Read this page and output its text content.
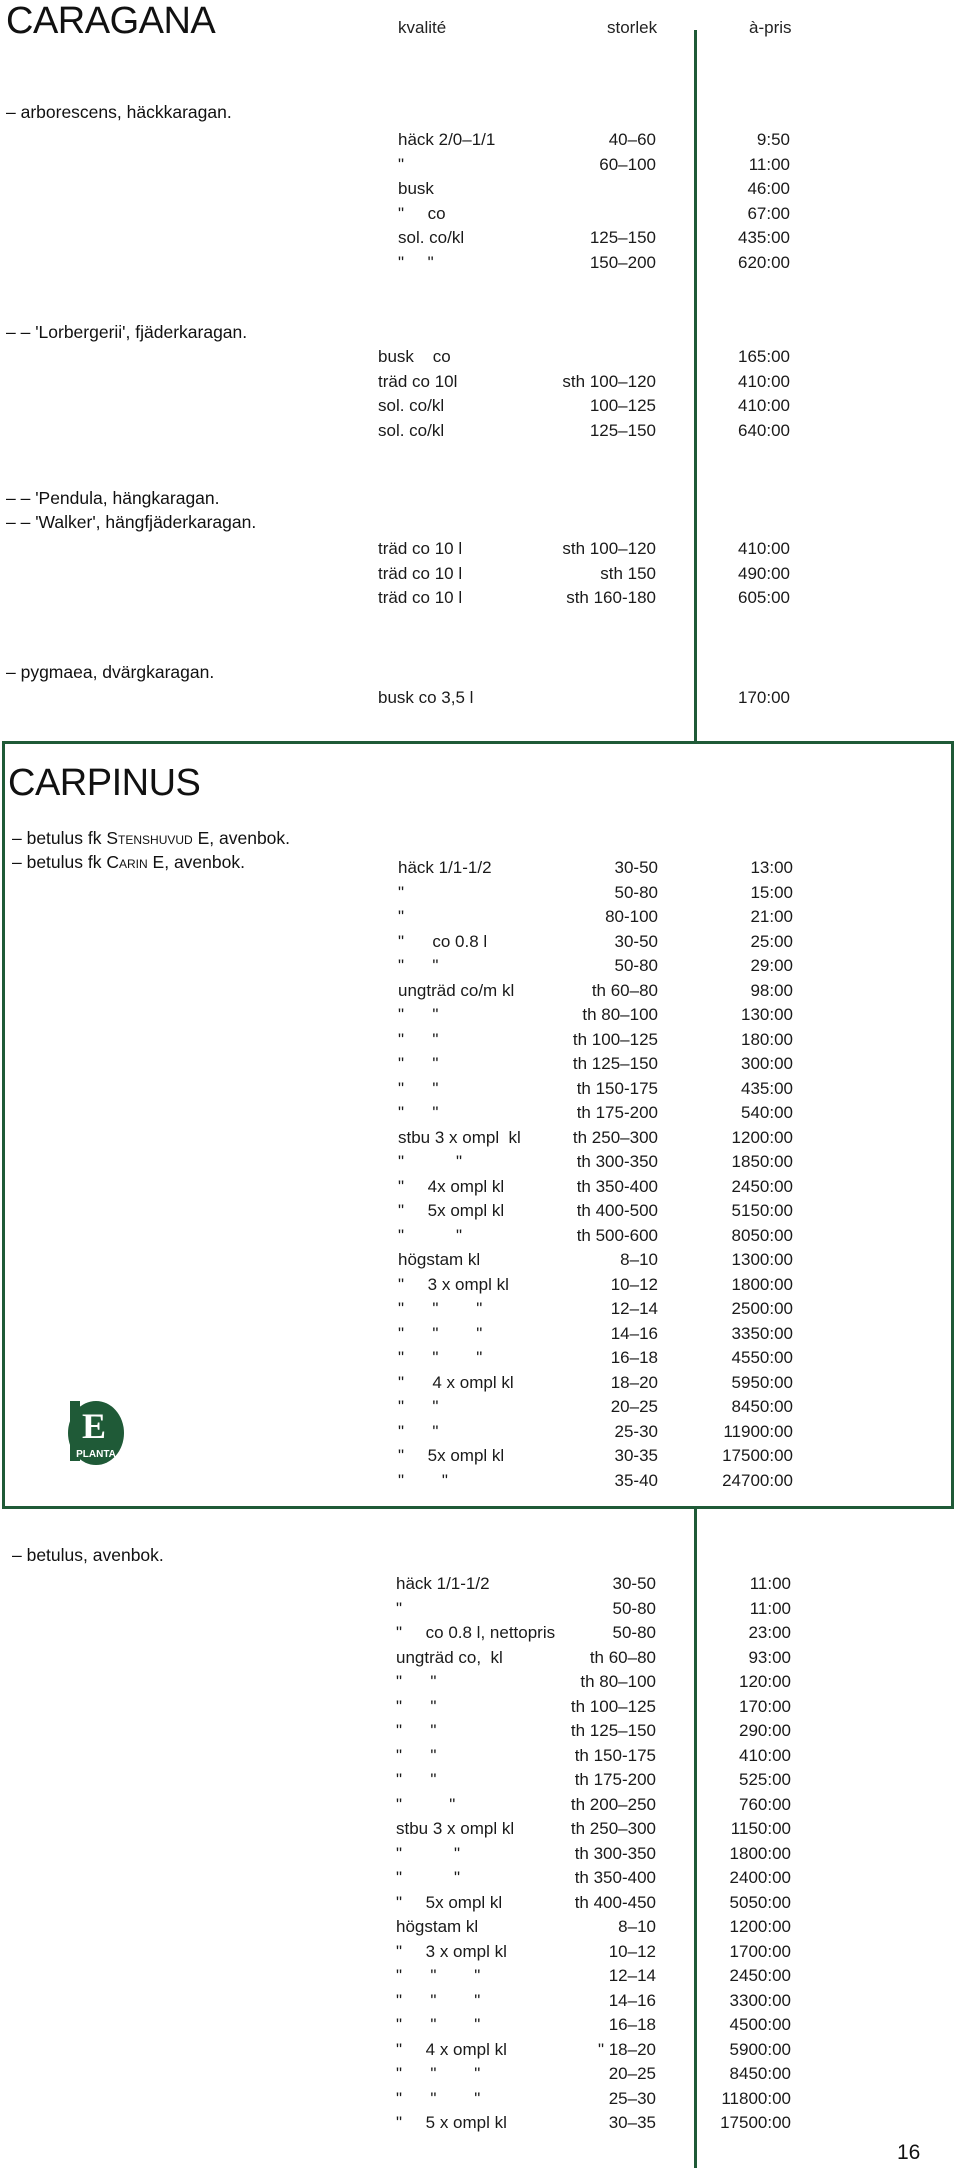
CARAGANA	kvalité	storlek	à-pris
– arborescens, häckkaragan.
häck 2/0–1/1	40–60	9:50
"	60–100	11:00
busk	46:00
"     co	67:00
sol. co/kl	125–150	435:00
"     "	150–200	620:00
– – 'Lorbergerii', fjäderkaragan.
busk    co	165:00
träd co 10l	sth 100–120	410:00
sol. co/kl	100–125	410:00
sol. co/kl	125–150	640:00
– – 'Pendula, hängkaragan.
– – 'Walker', hängfjäderkaragan.
träd co 10 l	sth 100–120	410:00
träd co 10 l	sth 150	490:00
träd co 10 l	sth 160-180	605:00
– pygmaea, dvärgkaragan.
busk co 3,5 l	170:00
CARPINUS
– betulus fk Stenshuvud E, avenbok.
– betulus fk Carin E, avenbok.	häck 1/1-1/2	30-50	13:00
"	50-80	15:00
"	80-100	21:00
"      co 0.8 l	30-50	25:00
"      "	50-80	29:00
ungträd co/m kl	th 60–80	98:00
"      "	th 80–100	130:00
"      "	th 100–125	180:00
"      "	th 125–150	300:00
"      "	th 150-175	435:00
"      "	th 175-200	540:00
stbu 3 x ompl  kl	th 250–300	1200:00
"           "	th 300-350	1850:00
"     4x ompl kl	th 350-400	2450:00
"     5x ompl kl	th 400-500	5150:00
"           "	th 500-600	8050:00
högstam kl	8–10	1300:00
"     3 x ompl kl	10–12	1800:00
"      "        "	12–14	2500:00
"      "        "	14–16	3350:00
"      "        "	16–18	4550:00
"      4 x ompl kl	18–20	5950:00
"      "	20–25	8450:00
"      "	25-30	11900:00
"     5x ompl kl	30-35	17500:00
"        "	35-40	24700:00
E
PLANTA
– betulus, avenbok.
häck 1/1-1/2	30-50	11:00
"	50-80	11:00
"     co 0.8 l, nettopris	50-80	23:00
ungträd co,  kl	th 60–80	93:00
"      "	th 80–100	120:00
"      "	th 100–125	170:00
"      "	th 125–150	290:00
"      "	th 150-175	410:00
"      "	th 175-200	525:00
"          "	th 200–250	760:00
stbu 3 x ompl kl	th 250–300	1150:00
"           "	th 300-350	1800:00
"           "	th 350-400	2400:00
"     5x ompl kl	th 400-450	5050:00
högstam kl	8–10	1200:00
"     3 x ompl kl	10–12	1700:00
"      "        "	12–14	2450:00
"      "        "	14–16	3300:00
"      "        "	16–18	4500:00
"     4 x ompl kl	" 18–20	5900:00
"      "        "	20–25	8450:00
"      "        "	25–30	11800:00
"     5 x ompl kl	30–35	17500:00
16
